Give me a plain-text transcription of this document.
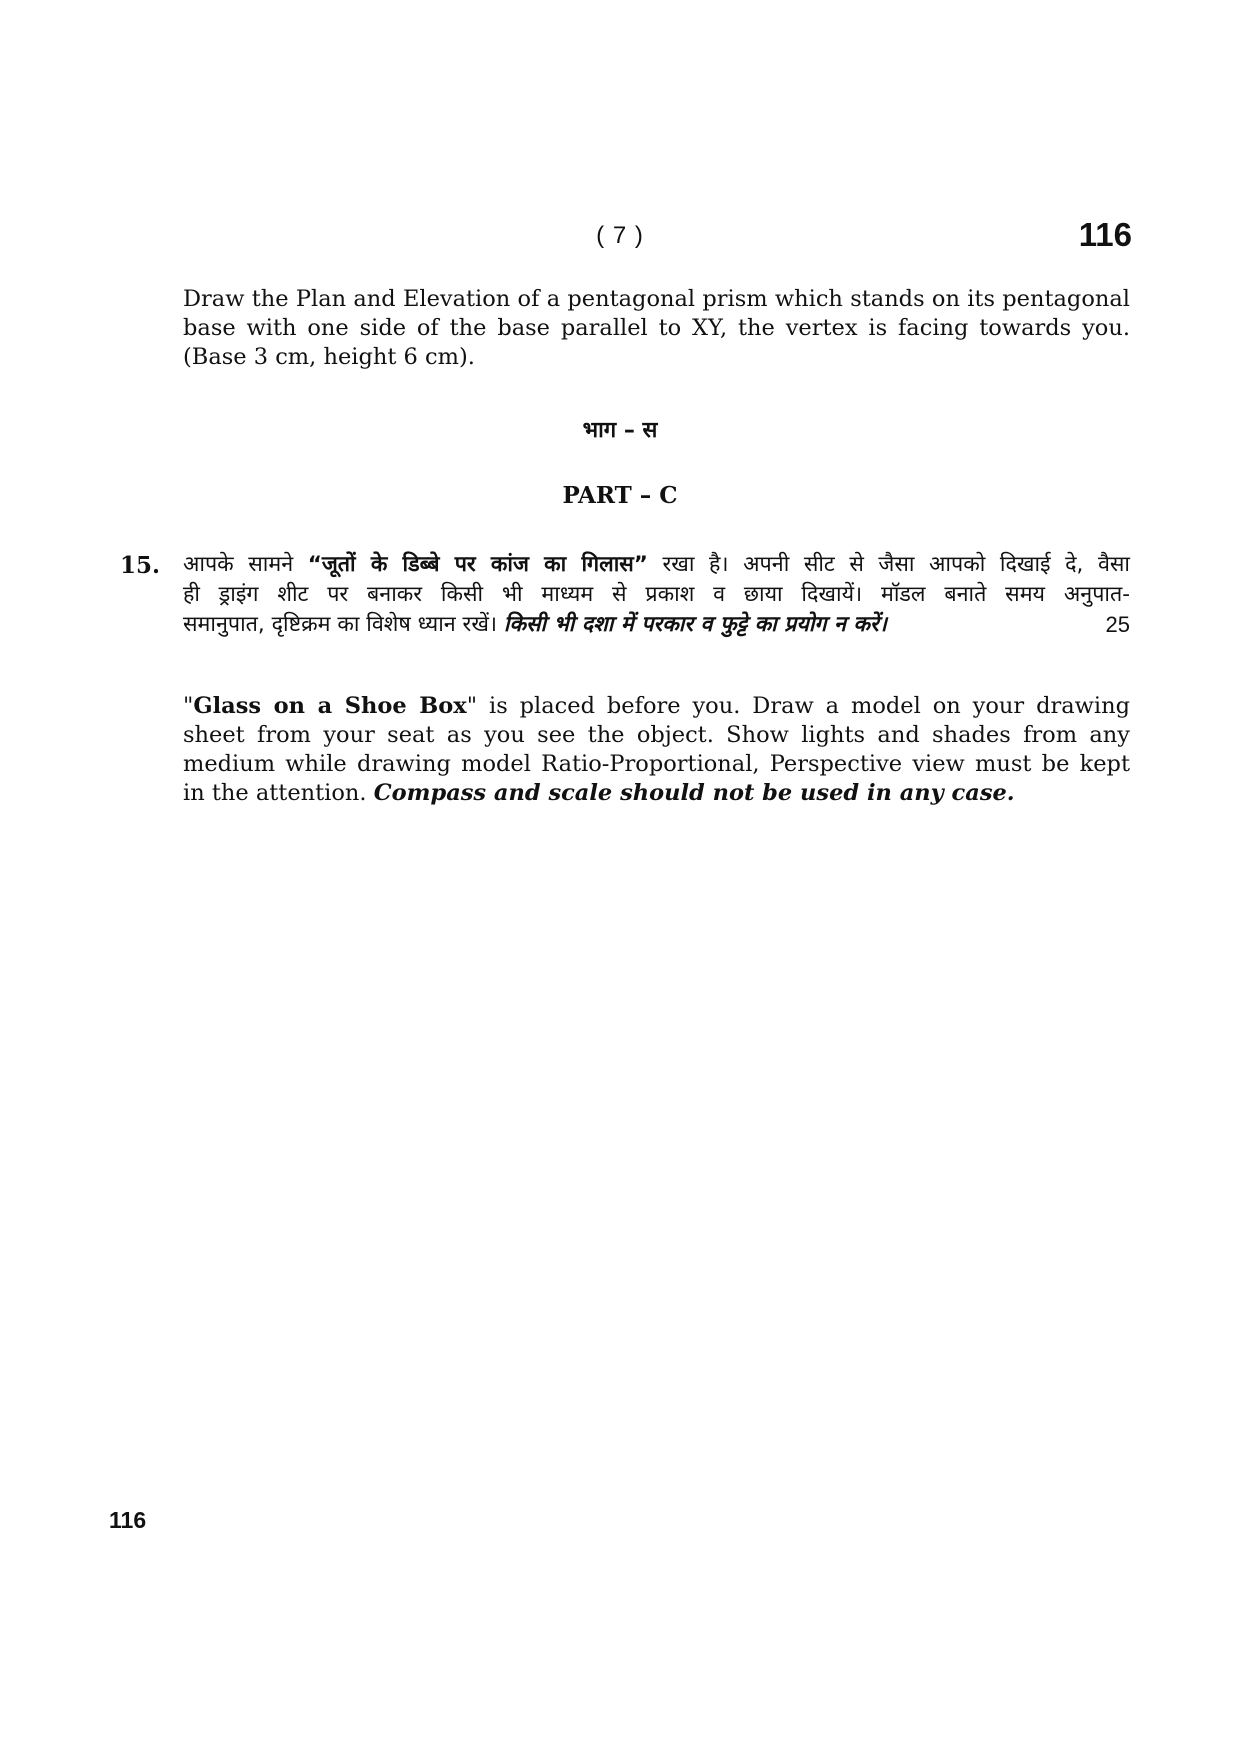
( 7 )	116
Draw the Plan and Elevation of a pentagonal prism which stands on its pentagonal base with one side of the base parallel to XY, the vertex is facing towards you. (Base 3 cm, height 6 cm).
भाग – स
PART – C
15. आपके सामने “जूतों के डिब्बे पर कांज का गिलास” रखा है। अपनी सीट से जैसा आपको दिखाई दे, वैसा
ही ड्राइंग शीट पर बनाकर किसी भी माध्यम से प्रकाश व छाया दिखायें। मॉडल बनाते समय अनुपात-
समानुपात, दृष्टिक्रम का विशेष ध्यान रखें। किसी भी दशा में परकार व फुट्टे का प्रयोग न करें।	25
"Glass on a Shoe Box" is placed before you. Draw a model on your drawing sheet from your seat as you see the object. Show lights and shades from any medium while drawing model Ratio-Proportional, Perspective view must be kept in the attention. Compass and scale should not be used in any case.
116
